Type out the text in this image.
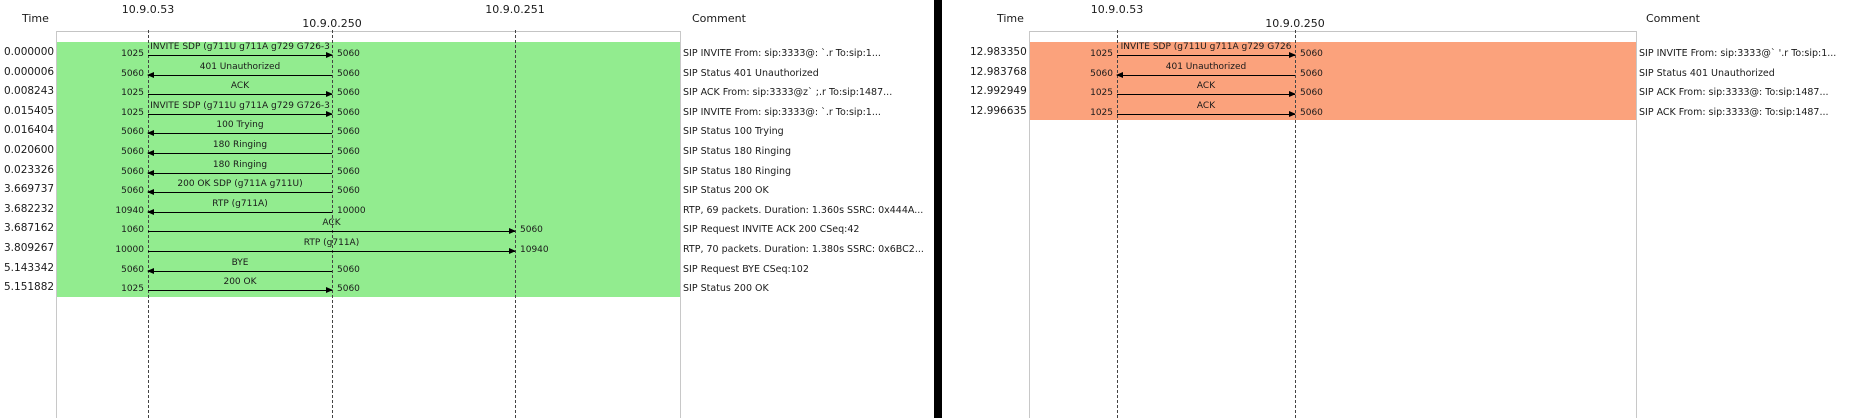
Time	Comment
10.9.0.53
10.9.0.250
10.9.0.251
0.000000	1025	5060
INVITE SDP (g711U g711A g729 G726-3
SIP INVITE From: sip:3333@: `.r To:sip:1...
0.000006	5060	5060
401 Unauthorized
SIP Status 401 Unauthorized
0.008243	1025	5060
ACK
SIP ACK From: sip:3333@z` ;.r To:sip:1487...
0.015405	1025	5060
INVITE SDP (g711U g711A g729 G726-3
SIP INVITE From: sip:3333@: `.r To:sip:1...
0.016404	5060	5060
100 Trying
SIP Status 100 Trying
0.020600	5060	5060
180 Ringing
SIP Status 180 Ringing
0.023326	5060	5060
180 Ringing
SIP Status 180 Ringing
3.669737	5060	5060
200 OK SDP (g711A g711U)
SIP Status 200 OK
3.682232	10940	10000
RTP (g711A)
RTP, 69 packets. Duration: 1.360s SSRC: 0x444A...
3.687162	1060	5060
ACK
SIP Request INVITE ACK 200 CSeq:42
3.809267	10000	10940
RTP (g711A)
RTP, 70 packets. Duration: 1.380s SSRC: 0x6BC2...
5.143342	5060	5060
BYE
SIP Request BYE CSeq:102
5.151882	1025	5060
200 OK
SIP Status 200 OK
Time	Comment
10.9.0.53
10.9.0.250
12.983350	1025	5060
INVITE SDP (g711U g711A g729 G726
SIP INVITE From: sip:3333@` '.r To:sip:1...
12.983768	5060	5060
401 Unauthorized
SIP Status 401 Unauthorized
12.992949	1025	5060
ACK
SIP ACK From: sip:3333@: To:sip:1487...
12.996635	1025	5060
ACK
SIP ACK From: sip:3333@: To:sip:1487...
